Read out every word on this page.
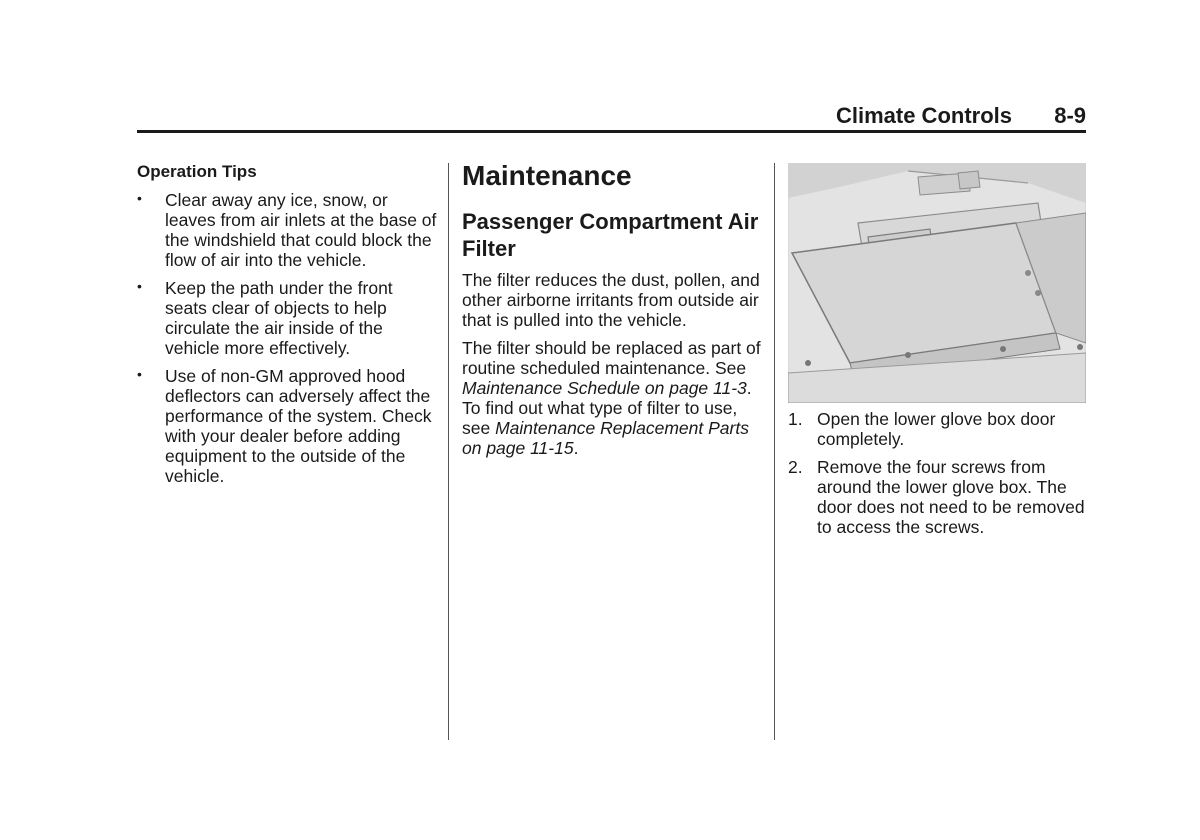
Climate Controls 8-9
Operation Tips
• Clear away any ice, snow, or leaves from air inlets at the base of the windshield that could block the flow of air into the vehicle.
• Keep the path under the front seats clear of objects to help circulate the air inside of the vehicle more effectively.
• Use of non-GM approved hood deflectors can adversely affect the performance of the system. Check with your dealer before adding equipment to the outside of the vehicle.
Maintenance
Passenger Compartment Air Filter

The filter reduces the dust, pollen, and other airborne irritants from outside air that is pulled into the vehicle.

The filter should be replaced as part of routine scheduled maintenance. See Maintenance Schedule on page 11-3. To find out what type of filter to use, see Maintenance Replacement Parts on page 11-15.

1. Open the lower glove box door completely.
2. Remove the four screws from around the lower glove box. The door does not need to be removed to access the screws.
